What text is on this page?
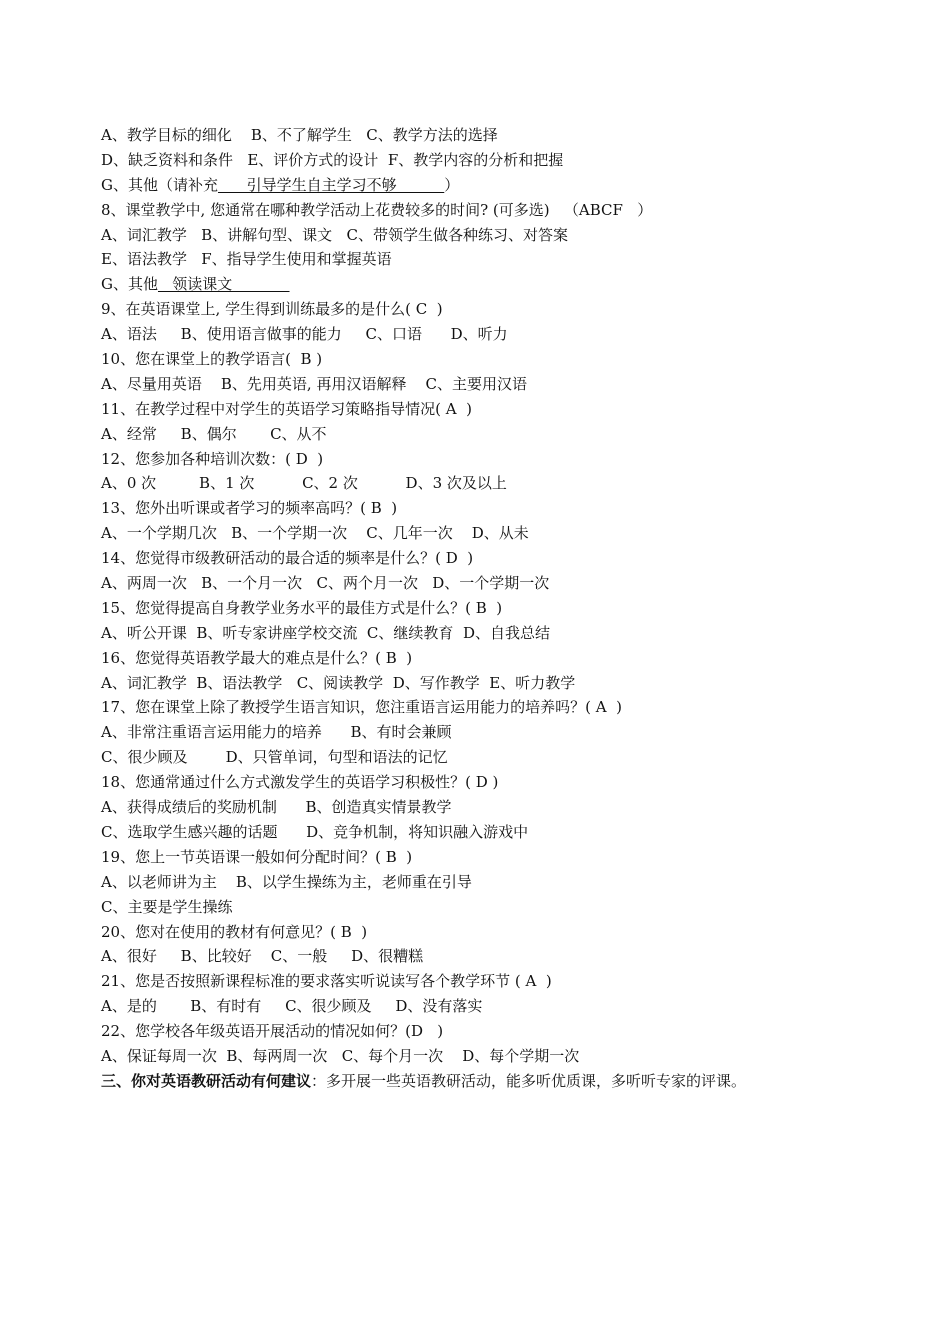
A、教学目标的细化    B、不了解学生   C、教学方法的选择
D、缺乏资料和条件   E、评价方式的设计  F、教学内容的分析和把握
G、其他（请补充      引导学生自主学习不够          ）
8、课堂教学中, 您通常在哪种教学活动上花费较多的时间? (可多选)   （ABCF   ）
A、词汇教学   B、讲解句型、课文   C、带领学生做各种练习、对答案
E、语法教学   F、指导学生使用和掌握英语
G、其他   领读课文
9、在英语课堂上, 学生得到训练最多的是什么( C  )
A、语法     B、使用语言做事的能力     C、口语      D、听力
10、您在课堂上的教学语言(  B )
A、尽量用英语    B、先用英语, 再用汉语解释    C、主要用汉语
11、在教学过程中对学生的英语学习策略指导情况( A  )
A、经常     B、偶尔       C、从不
12、您参加各种培训次数：( D  )
A、0 次         B、1 次          C、2 次          D、3 次及以上
13、您外出听课或者学习的频率高吗？( B  )
A、一个学期几次   B、一个学期一次    C、几年一次    D、从未
14、您觉得市级教研活动的最合适的频率是什么？( D  )
A、两周一次   B、一个月一次   C、两个月一次   D、一个学期一次
15、您觉得提高自身教学业务水平的最佳方式是什么？( B  )
A、听公开课  B、听专家讲座学校交流  C、继续教育  D、自我总结
16、您觉得英语教学最大的难点是什么？( B  )
A、词汇教学  B、语法教学   C、阅读教学  D、写作教学  E、听力教学
17、您在课堂上除了教授学生语言知识，您注重语言运用能力的培养吗？( A  )
A、非常注重语言运用能力的培养      B、有时会兼顾
C、很少顾及        D、只管单词，句型和语法的记忆
18、您通常通过什么方式激发学生的英语学习积极性？( D )
A、获得成绩后的奖励机制      B、创造真实情景教学
C、选取学生感兴趣的话题      D、竞争机制，将知识融入游戏中
19、您上一节英语课一般如何分配时间？( B  )
A、以老师讲为主    B、以学生操练为主，老师重在引导
C、主要是学生操练
20、您对在使用的教材有何意见？( B  )
A、很好     B、比较好    C、一般     D、很糟糕
21、您是否按照新课程标准的要求落实听说读写各个教学环节 ( A  )
A、是的       B、有时有     C、很少顾及     D、没有落实
22、您学校各年级英语开展活动的情况如何？(D   )
A、保证每周一次  B、每两周一次   C、每个月一次    D、每个学期一次
三、你对英语教研活动有何建议：多开展一些英语教研活动，能多听优质课，多听听专家的评课。
